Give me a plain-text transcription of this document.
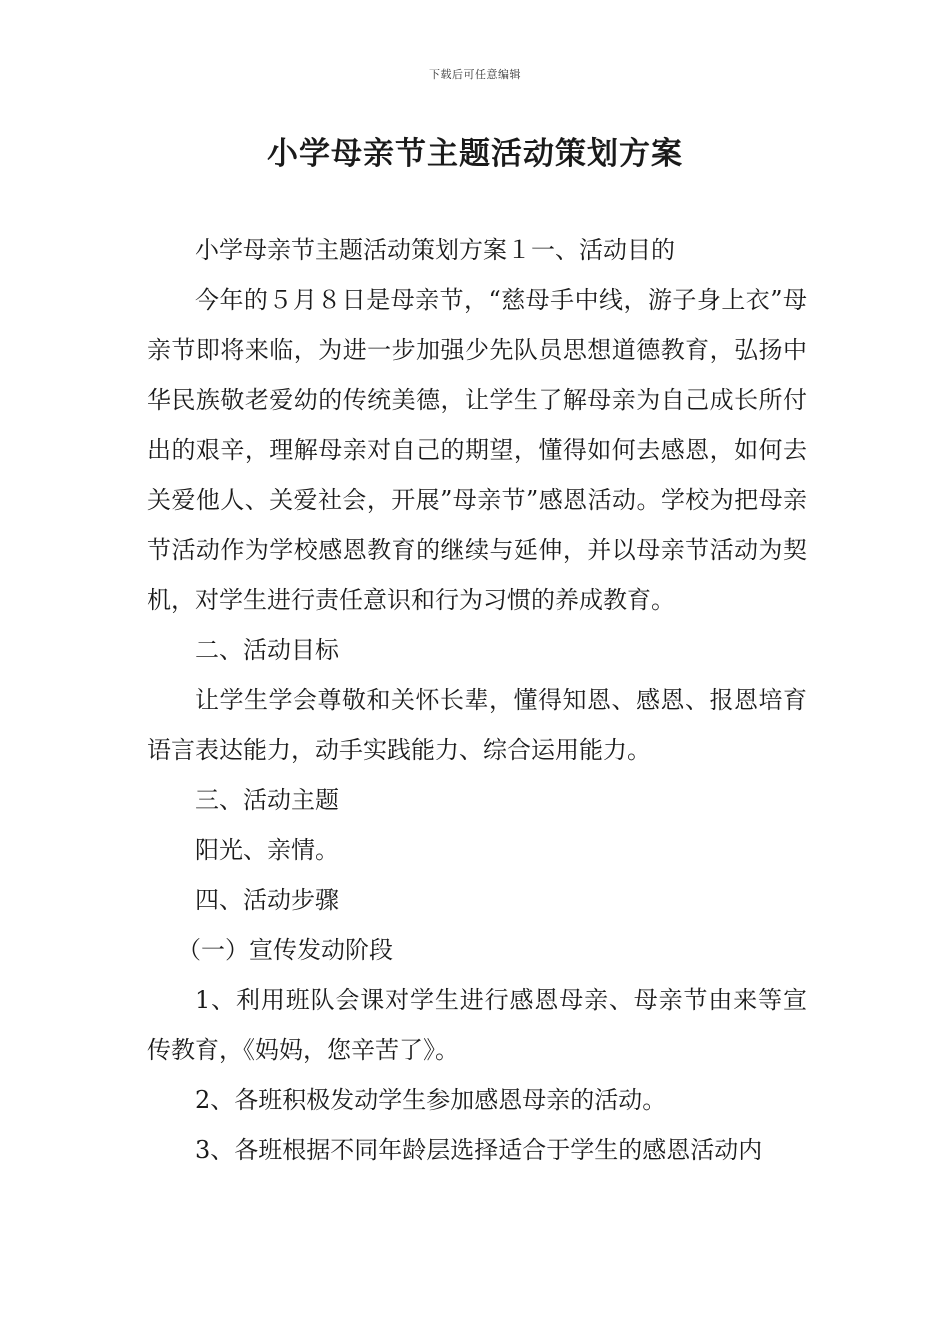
下载后可任意编辑
小学母亲节主题活动策划方案

小学母亲节主题活动策划方案１一、活动目的

今年的５月８日是母亲节，“慈母手中线，游子身上衣”母亲节即将来临，为进一步加强少先队员思想道德教育，弘扬中华民族敬老爱幼的传统美德，让学生了解母亲为自己成长所付出的艰辛，理解母亲对自己的期望，懂得如何去感恩，如何去关爱他人、关爱社会，开展”母亲节”感恩活动。学校为把母亲节活动作为学校感恩教育的继续与延伸，并以母亲节活动为契机，对学生进行责任意识和行为习惯的养成教育。

二、活动目标

让学生学会尊敬和关怀长辈，懂得知恩、感恩、报恩培育语言表达能力，动手实践能力、综合运用能力。

三、活动主题

阳光、亲情。

四、活动步骤

（一）宣传发动阶段

1、利用班队会课对学生进行感恩母亲、母亲节由来等宣传教育，《妈妈，您辛苦了》。

2、各班积极发动学生参加感恩母亲的活动。

3、各班根据不同年龄层选择适合于学生的感恩活动内
